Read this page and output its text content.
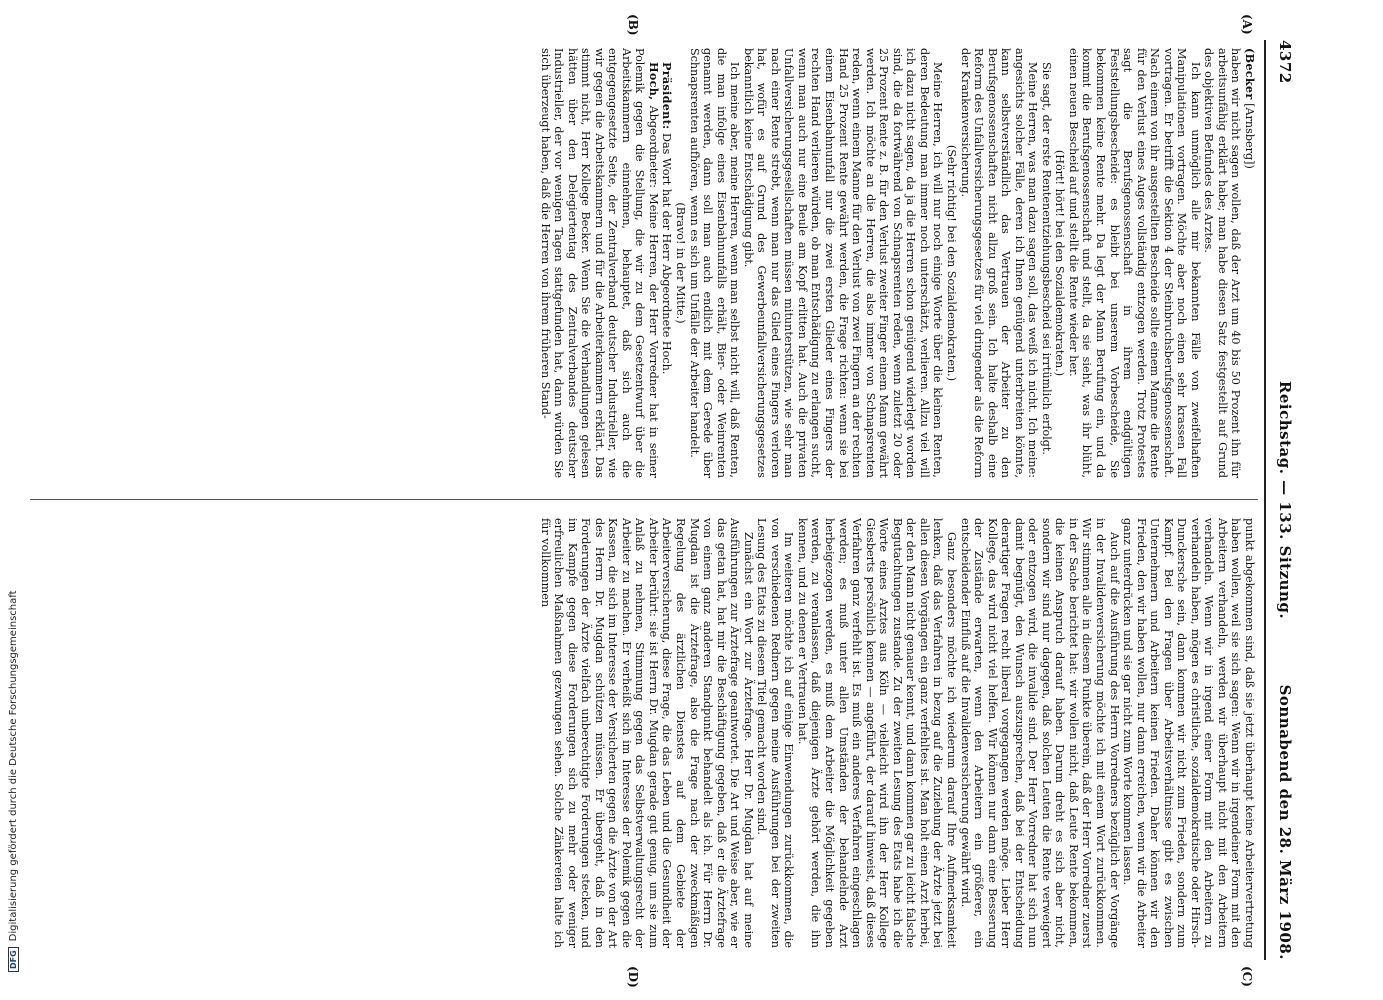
4372
Reichstag. — 133. Sitzung.
Sonnabend den 28. März 1908.
(A)
(B)
(C)
(D)

(Becker [Arnsberg])

haben wir nicht sagen wollen, daß der Arzt um 40 bis 50 Prozent ihn für arbeitsunfähig erklärt habe; man habe diesen Satz festgestellt auf Grund des objektiven Befundes des Arztes.

Ich kann unmöglich alle mir bekannten Fälle von zweifelhaften Manipulationen vortragen. Möchte aber noch einen sehr krassen Fall vortragen. Er betrifft die Sektion 4 der Steinbruchsberufsgenossenschaft. Nach einem von ihr ausgestellten Bescheide sollte einem Manne die Rente für den Verlust eines Auges vollständig entzogen werden. Trotz Protestes sagt die Berufsgenossenschaft in ihrem endgültigen Feststellungsbescheide: es bleibt bei unserem Vorbescheide, Sie bekommen keine Rente mehr. Da legt der Mann Berufung ein, und da kommt die Berufsgenossenschaft und stellt, da sie sieht, was ihr blüht, einen neuen Bescheid auf und stellt die Rente wieder her.

(Hört! hört! bei den Sozialdemokraten.)

Sie sagt, der erste Rentenentziehungsbescheid sei irrtümlich erfolgt.

Meine Herren, was man dazu sagen soll, das weiß ich nicht. Ich meine: angesichts solcher Fälle, deren ich Ihnen genügend unterbreiten könnte, kann selbstverständlich das Vertrauen der Arbeiter zu den Berufsgenossenschaften nicht allzu groß sein. Ich halte deshalb eine Reform des Unfallversicherungsgesetzes für viel dringender als die Reform der Krankenversicherung.

(Sehr richtig! bei den Sozialdemokraten.)

Meine Herren, ich will nur noch einige Worte über die kleinen Renten, deren Bedeutung man immer noch unterschätzt, verlieren. Allzu viel will ich dazu nicht sagen, da ja die Herren schon genügend widerlegt worden sind, die da fortwährend von Schnapsrenten reden, wenn zuletzt 20 oder 25 Prozent Rente z. B. für den Verlust zweiter Finger einem Mann gewährt werden. Ich möchte an die Herren, die also immer von Schnapsrenten reden, wenn einem Manne für den Verlust von zwei Fingern an der rechten Hand 25 Prozent Rente gewährt werden, die Frage richten: wenn sie bei einem Eisenbahnunfall nur die zwei ersten Glieder eines Fingers der rechten Hand verlieren würden, ob man Entschädigung zu erlangen sucht, wenn man auch nur eine Beule am Kopf erlitten hat. Auch die privaten Unfallversicherungsgesellschaften müssen mitunterstützen, wie sehr man nach einer Rente strebt, wenn man nur das Glied eines Fingers verloren hat, wofür es auf Grund des Gewerbeunfallversicherungsgesetzes bekanntlich keine Entschädigung gibt.

Ich meine aber, meine Herren, wenn man selbst nicht will, daß Renten, die man infolge eines Eisenbahnunfalls erhält, Bier- oder Weinrenten genannt werden, dann soll man auch endlich mit dem Gerede über Schnapsrenten aufhören, wenn es sich um Unfälle der Arbeiter handelt.

(Bravo! in der Mitte.)

Präsident: Das Wort hat der Herr Abgeordnete Hoch.

Hoch, Abgeordneter: Meine Herren, der Herr Vorredner hat in seiner Polemik gegen die Stellung, die wir zu dem Gesetzentwurf über die Arbeitskammern einnehmen, behauptet, daß sich auch die entgegengesetzte Seite, der Zentralverband deutscher Industrieller, wie wir gegen die Arbeitskammern und für die Arbeiterkammern erklärt. Das stimmt nicht, Herr Kollege Becker. Wenn Sie die Verhandlungen gelesen hätten über den Delegiertentag des Zentralverbandes deutscher Industrieller, der vor wenigen Tagen stattgefunden hat, dann würden Sie sich überzeugt haben, daß die Herren von ihrem früheren Stand-

punkt abgekommen sind, daß sie jetzt überhaupt keine Arbeitervertretung haben wollen, weil sie sich sagen: Wenn wir in irgendeiner Form mit den Arbeitern verhandeln, werden wir überhaupt nicht mit den Arbeitern verhandeln. Wenn wir in irgend einer Form mit den Arbeitern zu verhandeln haben, mögen es christliche, sozialdemokratische oder Hirsch-Dunckersche sein, dann kommen wir nicht zum Frieden, sondern zum Kampf. Bei den Fragen über Arbeitsverhältnisse gibt es zwischen Unternehmern und Arbeitern keinen Frieden. Daher können wir den Frieden, den wir haben wollen, nur dann erreichen, wenn wir die Arbeiter ganz unterdrücken und sie gar nicht zum Worte kommen lassen.

Auch auf die Ausführung des Herrn Vorredners bezüglich der Vorgänge in der Invalidenversicherung möchte ich mit einem Wort zurückkommen. Wir stimmen alle in diesem Punkte überein, daß der Herr Vorredner zuerst in der Sache berichtet hat: wir wollen nicht, daß Leute Rente bekommen, die keinen Anspruch darauf haben. Darum dreht es sich aber nicht, sondern wir sind nur dagegen, daß solchen Leuten die Rente verweigert oder entzogen wird, die invalide sind. Der Herr Vorredner hat sich nun damit begnügt, den Wunsch auszusprechen, daß bei der Entscheidung derartiger Fragen recht liberal vorgegangen werden möge. Lieber Herr Kollege, das wird nicht viel helfen. Wir können nur dann eine Besserung der Zustände erwarten, wenn den Arbeitern ein größerer, ein entscheidender Einfluß auf die Invalidenversicherung gewährt wird.

Ganz besonders möchte ich wiederum darauf Ihre Aufmerksamkeit lenken, daß das Verfahren in bezug auf die Zuziehung der Ärzte jetzt bei allen diesen Vorgängen ein ganz verfehltes ist. Man holt einen Arzt herbei, der den Mann nicht genauer kennt, und dann kommen gar zu leicht falsche Begutachtungen zustande. Zu der zweiten Lesung des Etats habe ich die Worte eines Arztes aus Köln — vielleicht wird ihn der Herr Kollege Giesberts persönlich kennen — angeführt, der darauf hinweist, daß dieses Verfahren ganz verfehlt ist. Es muß ein anderes Verfahren eingeschlagen werden; es muß unter allen Umständen der behandelnde Arzt herbeigezogen werden, es muß dem Arbeiter die Möglichkeit gegeben werden, zu veranlassen, daß diejenigen Ärzte gehört werden, die ihn kennen, und zu denen er Vertrauen hat.

Im weiteren möchte ich auf einige Einwendungen zurückkommen, die von verschiedenen Rednern gegen meine Ausführungen bei der zweiten Lesung des Etats zu diesem Titel gemacht worden sind.

Zunächst ein Wort zur Ärztefrage. Herr Dr. Mugdan hat auf meine Ausführungen zur Ärztefrage geantwortet. Die Art und Weise aber, wie er das getan hat, hat mir die Beschäftigung gegeben, daß er die Ärztefrage von einem ganz anderen Standpunkt behandelt als ich. Für Herrn Dr. Mugdan ist die Ärztefrage, also die Frage nach der zweckmäßigen Regelung des ärztlichen Dienstes auf dem Gebiete der Arbeiterversicherung, diese Frage, die das Leben und die Gesundheit der Arbeiter berührt: sie ist Herrn Dr. Mugdan gerade gut genug, um sie zum Anlaß zu nehmen, Stimmung gegen das Selbstverwaltungsrecht der Arbeiter zu machen. Er verheißt sich im Interesse der Polemik gegen die Kassen, die sich im Interesse der Versicherten gegen die Ärzte von der Art des Herrn Dr. Mugdan schützen müssen. Er übergeht, daß in den Forderungen der Ärzte vielfach unberechtigte Forderungen stecken, und im Kampfe gegen diese Forderungen sich zu mehr oder weniger erfreulichen Maßnahmen gezwungen sehen. Solche Zänkereien halte ich für vollkommen

DFG
Digitalisierung gefördert durch die Deutsche Forschungsgemeinschaft
